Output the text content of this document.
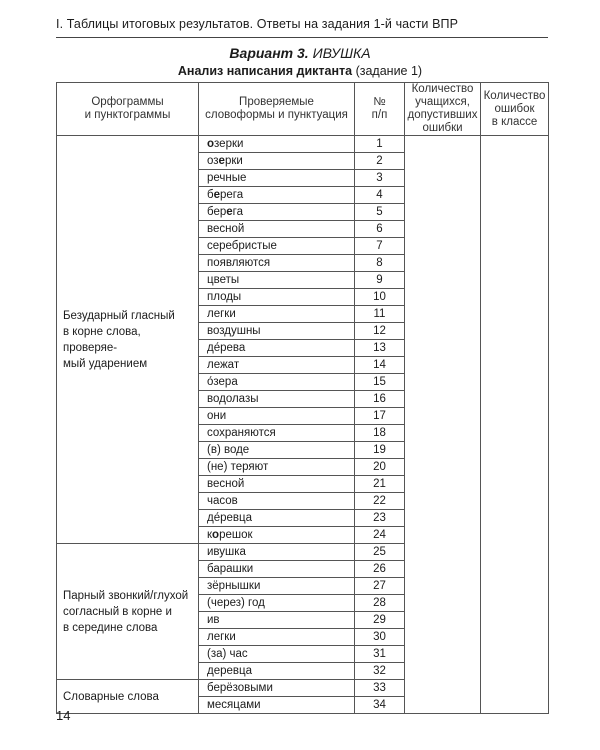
I. Таблицы итоговых результатов. Ответы на задания 1-й части ВПР
Вариант 3. ИВУШКА
Анализ написания диктанта (задание 1)
Орфограммы
и пунктограммы	Проверяемые
словоформы и пунктуация	№
п/п	Количество
учащихся,
допустивших
ошибки	Количество
ошибок
в классе
Безударный гласный
в корне слова, проверяе-
мый ударением	озерки	1		
	озерки	2		
	речные	3		
	берега	4		
	берега	5		
	весной	6		
	серебристые	7		
	появляются	8		
	цветы	9		
	плоды	10		
	легки	11		
	воздушны	12		
	де́рева	13		
	лежат	14		
	о́зера	15		
	водолазы	16		
	они	17		
	сохраняются	18		
	(в) воде	19		
	(не) теряют	20		
	весной	21		
	часов	22		
	де́ревца	23		
	корешок	24		
Парный звонкий/глухой
согласный в корне и
в середине слова	ивушка	25		
	барашки	26		
	зёрнышки	27		
	(через) год	28		
	ив	29		
	легки	30		
	(за) час	31		
	деревца	32		
Словарные слова	берёзовыми	33		
	месяцами	34		
14
